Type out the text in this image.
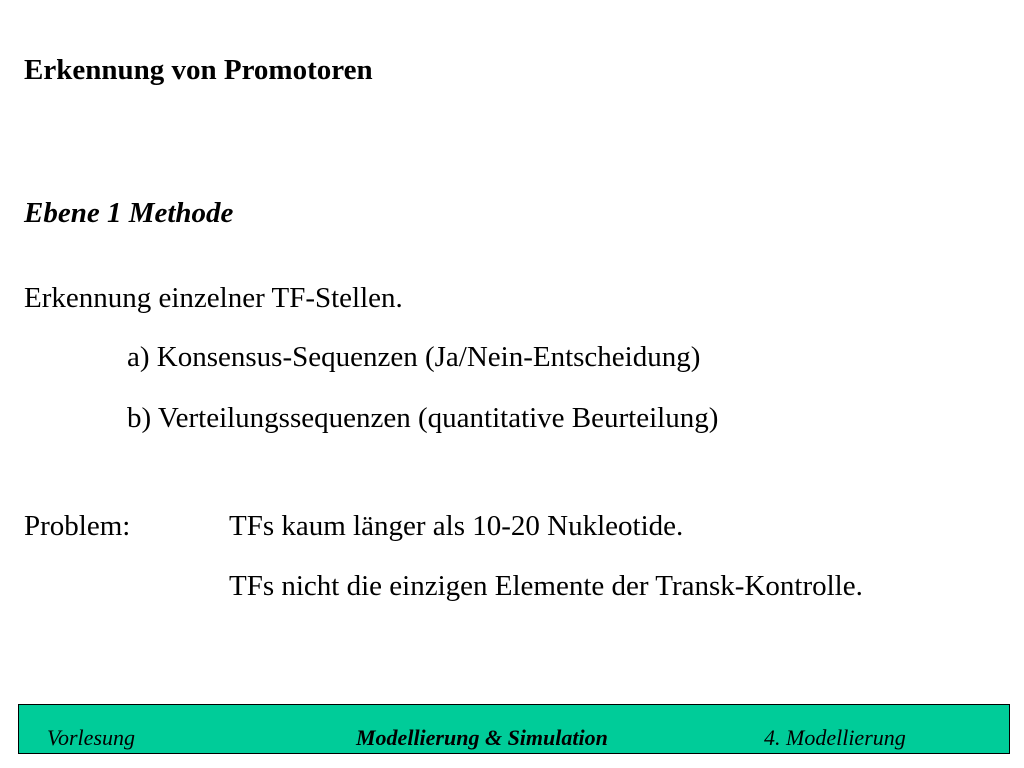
Erkennung von Promotoren
Ebene 1 Methode
Erkennung einzelner TF-Stellen.
a) Konsensus-Sequenzen (Ja/Nein-Entscheidung)
b) Verteilungssequenzen (quantitative Beurteilung)
Problem:	TFs kaum länger als 10-20 Nukleotide.
TFs nicht die einzigen Elemente der Transk-Kontrolle.
Vorlesung	Modellierung & Simulation	4. Modellierung
